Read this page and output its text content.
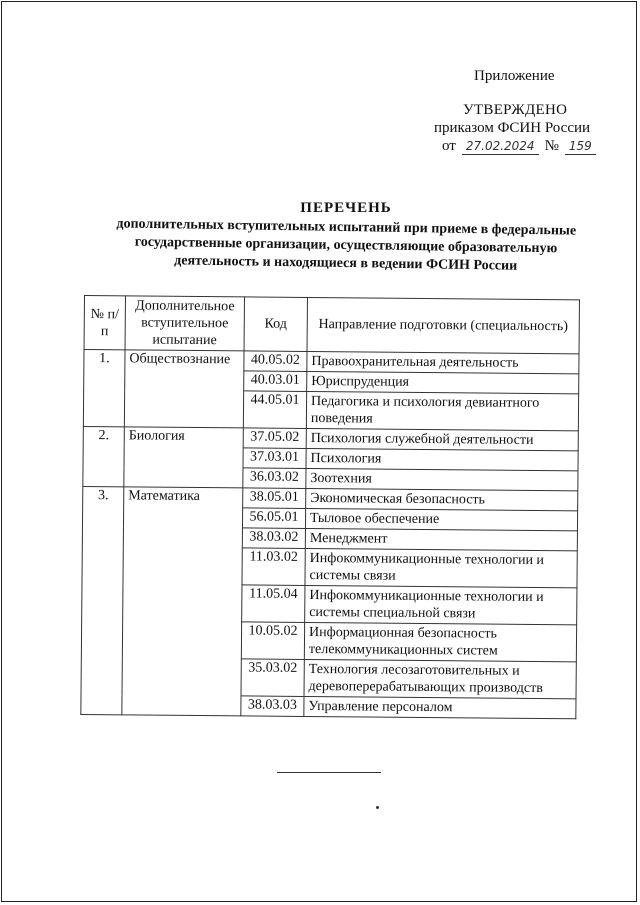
Приложение
УТВЕРЖДЕНО
приказом ФСИН России
от 27.02.2024 № 159
ПЕРЕЧЕНЬ
дополнительных вступительных испытаний при приеме в федеральные государственные организации, осуществляющие образовательную деятельность и находящиеся в ведении ФСИН России
№ п/п	Дополнительное вступительное испытание	Код	Направление подготовки (специальность)
1.	Обществознание	40.05.02	Правоохранительная деятельность
		40.03.01	Юриспруденция
		44.05.01	Педагогика и психология девиантного поведения
2.	Биология	37.05.02	Психология служебной деятельности
		37.03.01	Психология
		36.03.02	Зоотехния
3.	Математика	38.05.01	Экономическая безопасность
		56.05.01	Тыловое обеспечение
		38.03.02	Менеджмент
		11.03.02	Инфокоммуникационные технологии и системы связи
		11.05.04	Инфокоммуникационные технологии и системы специальной связи
		10.05.02	Информационная безопасность телекоммуникационных систем
		35.03.02	Технология лесозаготовительных и деревоперерабатывающих производств
		38.03.03	Управление персоналом
